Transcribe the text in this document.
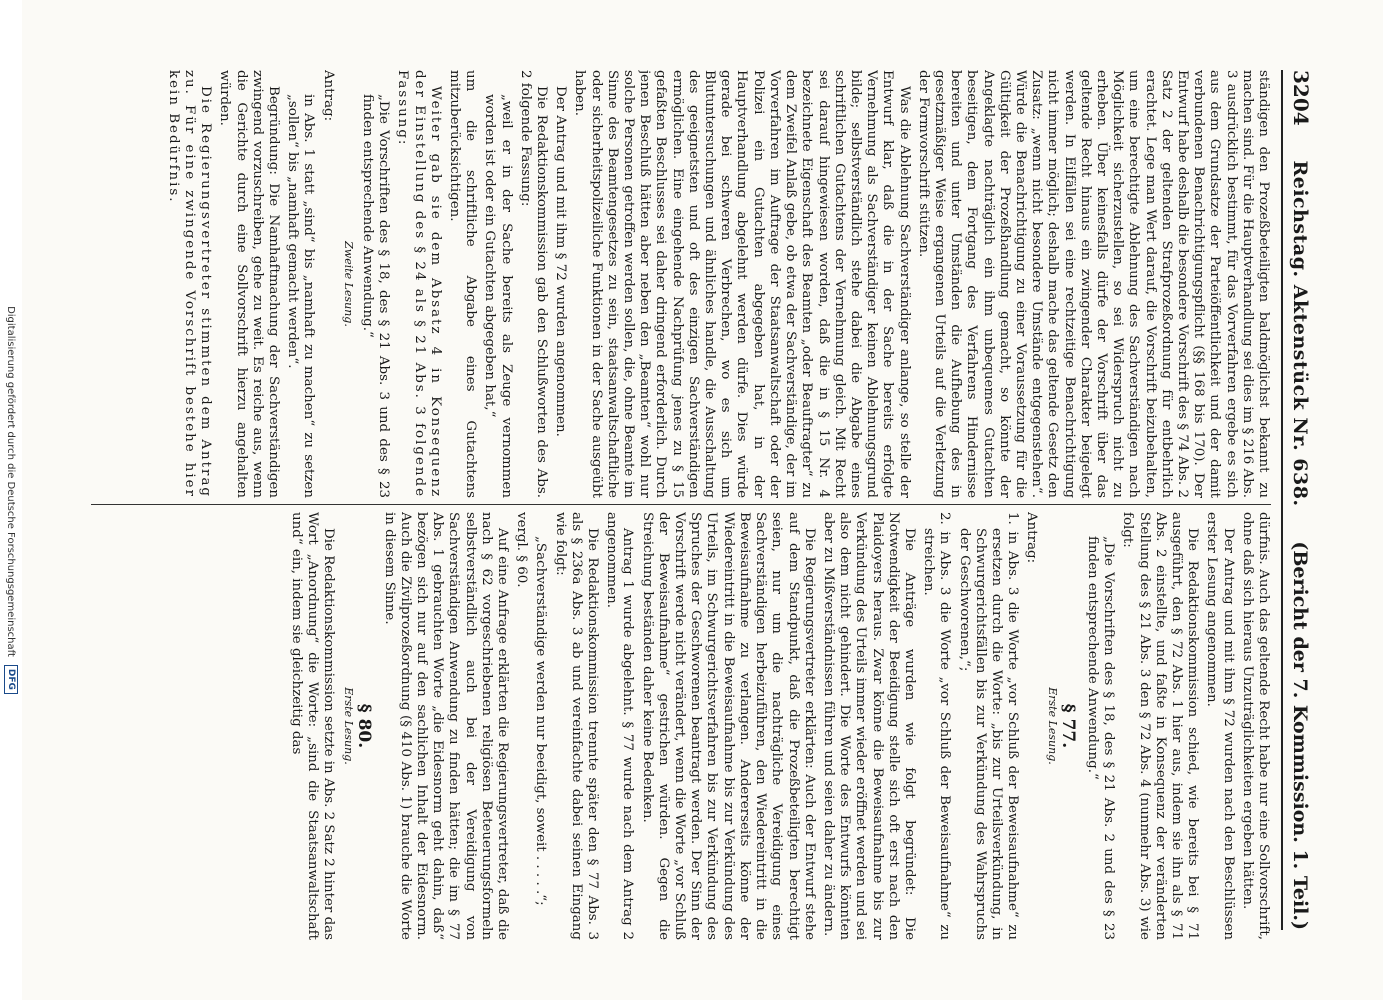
3204
Reichstag. Aktenstück Nr. 638.
(Bericht der 7. Kommission. 1. Teil.)

ständigen den Prozeßbeteiligten baldmöglichst bekannt zu machen sind. Für die Hauptverhandlung sei dies im § 216 Abs. 3 ausdrücklich bestimmt, für das Vorverfahren ergebe es sich aus dem Grundsatze der Parteiöffentlichkeit und der damit verbundenen Benachrichtigungspflicht (§§ 168 bis 170). Der Entwurf habe deshalb die besondere Vorschrift des § 74 Abs. 2 Satz 2 der geltenden Strafprozeßordnung für entbehrlich erachtet. Lege man Wert darauf, die Vorschrift beizubehalten, um eine berechtigte Ablehnung des Sachverständigen nach Möglichkeit sicherzustellen, so sei Widerspruch nicht zu erheben. Über keinesfalls dürfe der Vorschrift über das geltende Recht hinaus ein zwingender Charakter beigelegt werden. In Eilfällen sei eine rechtzeitige Benachrichtigung nicht immer möglich; deshalb mache das geltende Gesetz den Zusatz: „wenn nicht besondere Umstände entgegenstehen“. Würde die Benachrichtigung zu einer Voraussetzung für die Gültigkeit der Prozeßhandlung gemacht, so könnte der Angeklagte nachträglich ein ihm unbequemes Gutachten beseitigen, dem Fortgang des Verfahrens Hindernisse bereiten und unter Umständen die Aufhebung des in gesetzmäßiger Weise ergangenen Urteils auf die Verletzung der Formvorschrift stützen.

Was die Ablehnung Sachverständiger anlange, so stelle der Entwurf klar, daß die in der Sache bereits erfolgte Vernehmung als Sachverständiger keinen Ablehnungsgrund bilde; selbstverständlich stehe dabei die Abgabe eines schriftlichen Gutachtens der Vernehmung gleich. Mit Recht sei darauf hingewiesen worden, daß die in § 15 Nr. 4 bezeichnete Eigenschaft des Beamten „oder Beauftragter“ zu dem Zweifel Anlaß gebe, ob etwa der Sachverständige, der im Vorverfahren im Auftrage der Staatsanwaltschaft oder der Polizei ein Gutachten abgegeben hat, in der Hauptverhandlung abgelehnt werden dürfe. Dies würde gerade bei schweren Verbrechen, wo es sich um Blutuntersuchungen und ähnliches handle, die Ausschaltung des geeignetsten und oft des einzigen Sachverständigen ermöglichen. Eine eingehende Nachprüfung jenes zu § 15 gefaßten Beschlusses sei daher dringend erforderlich. Durch jenen Beschluß hätten aber neben den „Beamten“ wohl nur solche Personen getroffen werden sollen, die, ohne Beamte im Sinne des Beamtengesetzes zu sein, staatsanwaltschaftliche oder sicherheitspolizeiliche Funktionen in der Sache ausgeübt haben.

Der Antrag und mit ihm § 72 wurden angenommen.

Die Redaktionskommission gab den Schlußworten des Abs. 2 folgende Fassung:

„weil er in der Sache bereits als Zeuge vernommen worden ist oder ein Gutachten abgegeben hat,“

um die schriftliche Abgabe eines Gutachtens mitzuberücksichtigen.

Weiter gab sie dem Absatz 4 in Konsequenz der Einstellung des § 24 als § 21 Abs. 3 folgende Fassung:

„Die Vorschriften des § 18, des § 21 Abs. 3 und des § 23 finden entsprechende Anwendung.“

Zweite Lesung.

Antrag:

in Abs. 1 statt „sind“ bis „namhaft zu machen“ zu setzen „sollen“ bis „namhaft gemacht werden“.

Begründung: Die Namhaftmachung der Sachverständigen zwingend vorzuschreiben, gehe zu weit. Es reiche aus, wenn die Gerichte durch eine Sollvorschrift hierzu angehalten würden.

Die Regierungsvertreter stimmten dem Antrag zu. Für eine zwingende Vorschrift bestehe hier kein Bedürfnis.

dürfnis. Auch das geltende Recht habe nur eine Sollvorschrift, ohne daß sich hieraus Unzuträglichkeiten ergeben hätten.

Der Antrag und mit ihm § 72 wurden nach den Beschlüssen erster Lesung angenommen.

Die Redaktionskommission schied, wie bereits bei § 71 ausgeführt, den § 72 Abs. 1 hier aus, indem sie ihn als § 71 Abs. 2 einstellte, und faßte in Konsequenz der veränderten Stellung des § 21 Abs. 3 den § 72 Abs. 4 (nunmehr Abs. 3) wie folgt:

„Die Vorschriften des § 18, des § 21 Abs. 2 und des § 23 finden entsprechende Anwendung.“

§ 77.

Erste Lesung.

Antrag:

1. in Abs. 3 die Worte „vor Schluß der Beweisaufnahme“ zu ersetzen durch die Worte: „bis zur Urteilsverkündung, in Schwurgerichtsfällen bis zur Verkündung des Wahrspruchs der Geschworenen,“;

2. in Abs. 3 die Worte „vor Schluß der Beweisaufnahme“ zu streichen.

Die Anträge wurden wie folgt begründet: Die Notwendigkeit der Beeidigung stelle sich oft erst nach den Plaidoyers heraus. Zwar könne die Beweisaufnahme bis zur Verkündung des Urteils immer wieder eröffnet werden und sei also dem nicht gehindert. Die Worte des Entwurfs könnten aber zu Mißverständnissen führen und seien daher zu ändern.

Die Regierungsvertreter erklärten: Auch der Entwurf stehe auf dem Standpunkt, daß die Prozeßbeteiligten berechtigt seien, nur um die nachträgliche Vereidigung eines Sachverständigen herbeizuführen, den Wiedereintritt in die Beweisaufnahme zu verlangen. Andererseits könne der Wiedereintritt in die Beweisaufnahme bis zur Verkündung des Urteils, im Schwurgerichtsverfahren bis zur Verkündung des Spruches der Geschworenen beantragt werden. Der Sinn der Vorschrift werde nicht verändert, wenn die Worte „vor Schluß der Beweisaufnahme“ gestrichen würden. Gegen die Streichung beständen daher keine Bedenken.

Antrag 1 wurde abgelehnt. § 77 wurde nach dem Antrag 2 angenommen.

Die Redaktionskommission trennte später den § 77 Abs. 3 als § 236a Abs. 3 ab und vereinfachte dabei seinen Eingang wie folgt:

„Sachverständige werden nur beeidigt, soweit . . . . .“;

vergl. § 60.

Auf eine Anfrage erklärten die Regierungsvertreter, daß die nach § 62 vorgeschriebenen religiösen Beteuerungsformeln selbstverständlich auch bei der Vereidigung von Sachverständigen Anwendung zu finden hätten; die im § 77 Abs. 1 gebrauchten Worte „die Eidesnorm geht dahin, daß“ bezögen sich nur auf den sachlichen Inhalt der Eidesnorm. Auch die Zivilprozeßordnung (§ 410 Abs. 1) brauche die Worte in diesem Sinne.

§ 80.

Erste Lesung.

Die Redaktionskommission setzte in Abs. 2 Satz 2 hinter das Wort „Anordnung“ die Worte: „sind die Staatsanwaltschaft und“ ein, indem sie gleichzeitig das

Digitalisierung gefördert durch die Deutsche Forschungsgemeinschaft
DFG
